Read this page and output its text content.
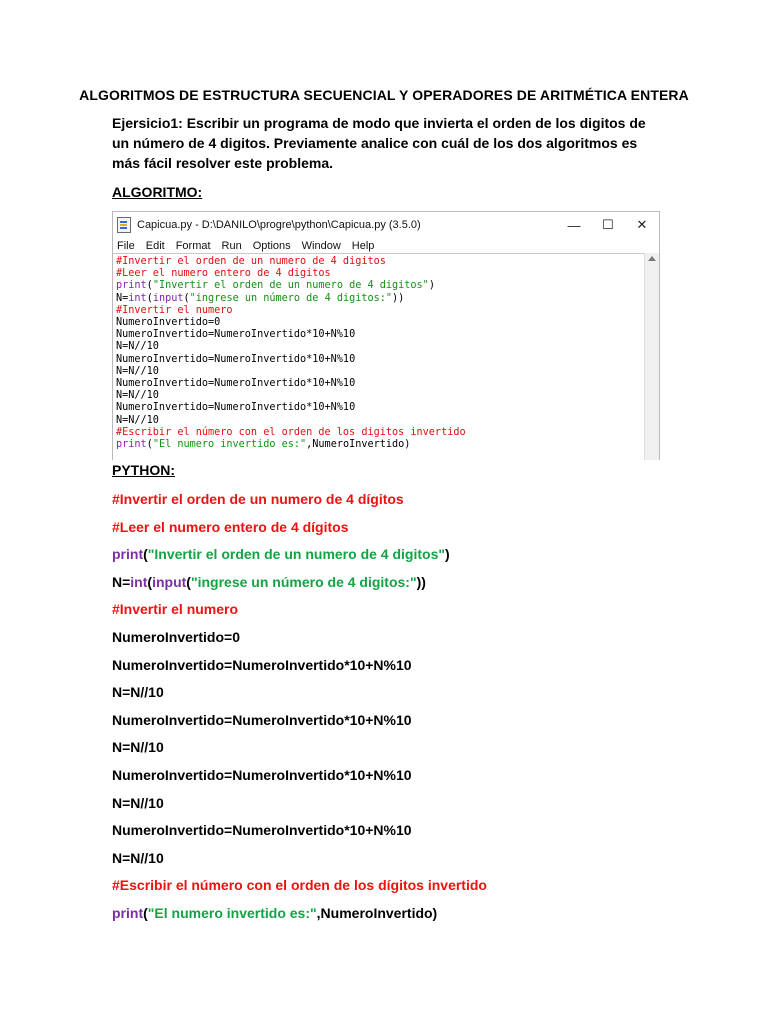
ALGORITMOS DE ESTRUCTURA SECUENCIAL Y OPERADORES DE ARITMÉTICA ENTERA
Ejersicio1: Escribir un programa de modo que invierta el orden de los digitos de un número de 4 digitos. Previamente analice con cuál de los dos algoritmos es más fácil resolver este problema.
ALGORITMO:
Capicua.py - D:\DANILO\progre\python\Capicua.py (3.5.0)	—	☐	✕
File Edit Format Run Options Window Help
#Invertir el orden de un numero de 4 digitos
#Leer el numero entero de 4 digitos
print("Invertir el orden de un numero de 4 digitos")
N=int(input("ingrese un número de 4 digitos:"))
#Invertir el numero
NumeroInvertido=0
NumeroInvertido=NumeroInvertido*10+N%10
N=N//10
NumeroInvertido=NumeroInvertido*10+N%10
N=N//10
NumeroInvertido=NumeroInvertido*10+N%10
N=N//10
NumeroInvertido=NumeroInvertido*10+N%10
N=N//10
#Escribir el número con el orden de los digitos invertido
print("El numero invertido es:",NumeroInvertido)
PYTHON:
#Invertir el orden de un numero de 4 dígitos
#Leer el numero entero de 4 dígitos
print("Invertir el orden de un numero de 4 digitos")
N=int(input("ingrese un número de 4 digitos:"))
#Invertir el numero
NumeroInvertido=0
NumeroInvertido=NumeroInvertido*10+N%10
N=N//10
NumeroInvertido=NumeroInvertido*10+N%10
N=N//10
NumeroInvertido=NumeroInvertido*10+N%10
N=N//10
NumeroInvertido=NumeroInvertido*10+N%10
N=N//10
#Escribir el número con el orden de los dígitos invertido
print("El numero invertido es:",NumeroInvertido)
